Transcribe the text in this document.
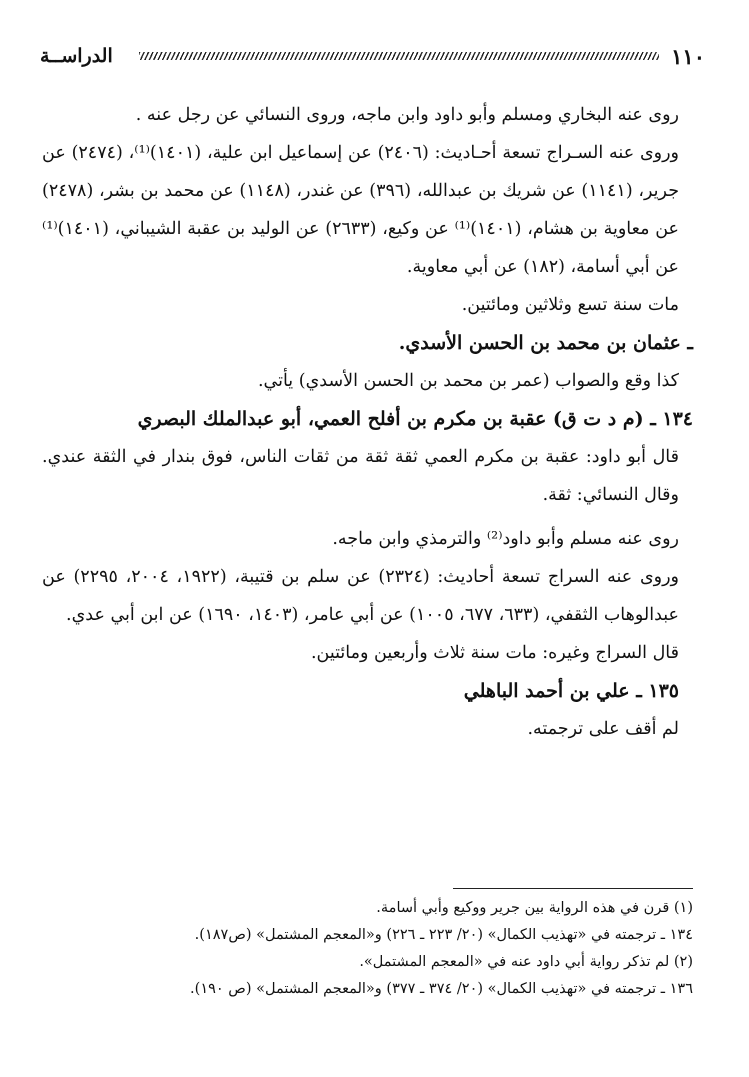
الدراســة	١١٠

روى عنه البخاري ومسلم وأبو داود وابن ماجه، وروى النسائي عن رجل عنه .

وروى عنه السـراج تسعة أحـاديث: (٢٤٠٦) عن إسماعيل ابن علية، (١٤٠١)⁽¹⁾، (٢٤٧٤) عن جرير، (١١٤١) عن شريك بن عبدالله، (٣٩٦) عن غندر، (١١٤٨) عن محمد بن بشر، (٢٤٧٨) عن معاوية بن هشام، (١٤٠١)⁽¹⁾ عن وكيع، (٢٦٣٣) عن الوليد بن عقبة الشيباني، (١٤٠١)⁽¹⁾ عن أبي أسامة، (١٨٢) عن أبي معاوية.

مات سنة تسع وثلاثين ومائتين.

ـ عثمان بن محمد بن الحسن الأسدي.

كذا وقع والصواب (عمر بن محمد بن الحسن الأسدي) يأتي.

١٣٤ ـ (م د ت ق) عقبة بن مكرم بن أفلح العمي، أبو عبدالملك البصري

قال أبو داود: عقبة بن مكرم العمي ثقة ثقة من ثقات الناس، فوق بندار في الثقة عندي. وقال النسائي: ثقة.

روى عنه مسلم وأبو داود⁽²⁾ والترمذي وابن ماجه.

وروى عنه السراج تسعة أحاديث: (٢٣٢٤) عن سلم بن قتيبة، (١٩٢٢، ٢٠٠٤، ٢٢٩٥) عن عبدالوهاب الثقفي، (٦٣٣، ٦٧٧، ١٠٠٥) عن أبي عامر، (١٤٠٣، ١٦٩٠) عن ابن أبي عدي.

قال السراج وغيره: مات سنة ثلاث وأربعين ومائتين.

١٣٥ ـ علي بن أحمد الباهلي

لم أقف على ترجمته.

(١) قرن في هذه الرواية بين جرير ووكيع وأبي أسامة.

١٣٤ ـ ترجمته في «تهذيب الكمال» (٢٠/ ٢٢٣ ـ ٢٢٦) و«المعجم المشتمل» (ص١٨٧).

(٢) لم تذكر رواية أبي داود عنه في «المعجم المشتمل».

١٣٦ ـ ترجمته في «تهذيب الكمال» (٢٠/ ٣٧٤ ـ ٣٧٧) و«المعجم المشتمل» (ص ١٩٠).
